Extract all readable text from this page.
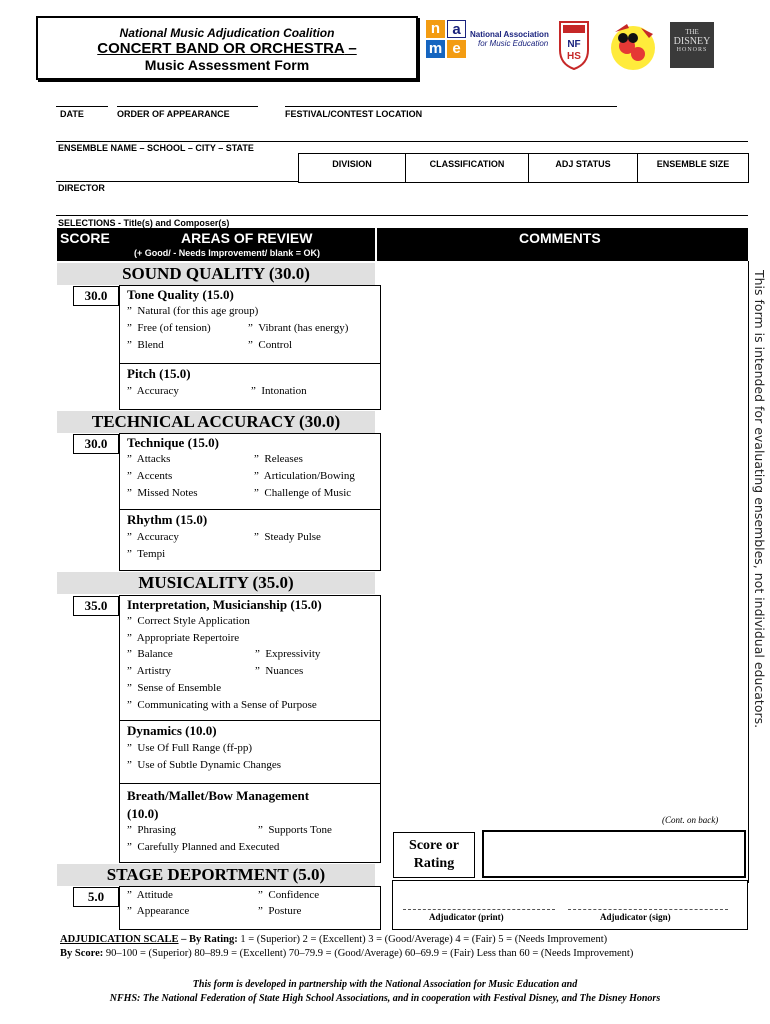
National Music Adjudication Coalition
CONCERT BAND OR ORCHESTRA –
Music Assessment Form
n a
m e
National Association
for Music Education NF
HS
THE
DISNEY
HONORS
DATE	ORDER OF APPEARANCE	FESTIVAL/CONTEST LOCATION
ENSEMBLE NAME – SCHOOL – CITY – STATE
DIVISION	CLASSIFICATION	ADJ STATUS	ENSEMBLE SIZE
DIRECTOR
SELECTIONS - Title(s) and Composer(s)
SCORE	AREAS OF REVIEW
(+ Good/ - Needs Improvement/ blank = OK)
COMMENTS
SOUND QUALITY (30.0)
30.0	Tone Quality (15.0)
” Natural (for this age group)
” Free (of tension)	” Vibrant (has energy)
” Blend	” Control
Pitch (15.0)
” Accuracy	” Intonation
TECHNICAL ACCURACY (30.0)
30.0	Technique (15.0)
” Attacks	” Releases
” Accents	” Articulation/Bowing
” Missed Notes	” Challenge of Music
Rhythm (15.0)
” Accuracy	” Steady Pulse
” Tempi
MUSICALITY (35.0)
35.0	Interpretation, Musicianship (15.0)
” Correct Style Application
” Appropriate Repertoire
” Balance	” Expressivity
” Artistry	” Nuances
” Sense of Ensemble
” Communicating with a Sense of Purpose
Dynamics (10.0)
” Use Of Full Range (ff-pp)
” Use of Subtle Dynamic Changes
Breath/Mallet/Bow Management
(10.0)
” Phrasing	” Supports Tone
” Carefully Planned and Executed
STAGE DEPORTMENT (5.0)
5.0	” Attitude	” Confidence
” Appearance	” Posture
(Cont. on back)
Score or
Rating
Adjudicator (print)	Adjudicator (sign)
This form is intended for evaluating ensembles, not individual educators.
ADJUDICATION SCALE – By Rating: 1 = (Superior) 2 = (Excellent) 3 = (Good/Average) 4 = (Fair) 5 = (Needs Improvement)
By Score: 90–100 = (Superior) 80–89.9 = (Excellent) 70–79.9 = (Good/Average) 60–69.9 = (Fair) Less than 60 = (Needs Improvement)
This form is developed in partnership with the National Association for Music Education and
NFHS: The National Federation of State High School Associations, and in cooperation with Festival Disney, and The Disney Honors
